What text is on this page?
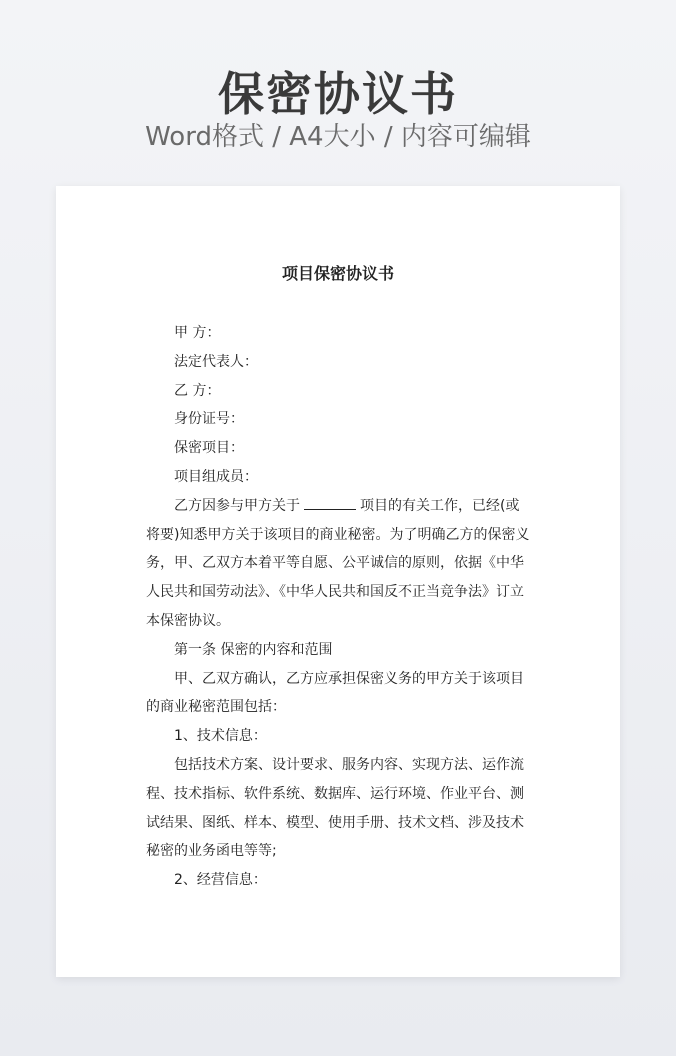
保密协议书
Word格式 / A4大小 / 内容可编辑
项目保密协议书

甲 方：

法定代表人：

乙 方：

身份证号：

保密项目：

项目组成员：

乙方因参与甲方关于	项目的有关工作，已经(或将要)知悉甲方关于该项目的商业秘密。为了明确乙方的保密义务，甲、乙双方本着平等自愿、公平诚信的原则，依据《中华人民共和国劳动法》、《中华人民共和国反不正当竞争法》订立本保密协议。

第一条 保密的内容和范围

甲、乙双方确认，乙方应承担保密义务的甲方关于该项目的商业秘密范围包括：

1、技术信息：

包括技术方案、设计要求、服务内容、实现方法、运作流程、技术指标、软件系统、数据库、运行环境、作业平台、测试结果、图纸、样本、模型、使用手册、技术文档、涉及技术秘密的业务函电等等;

2、经营信息：
